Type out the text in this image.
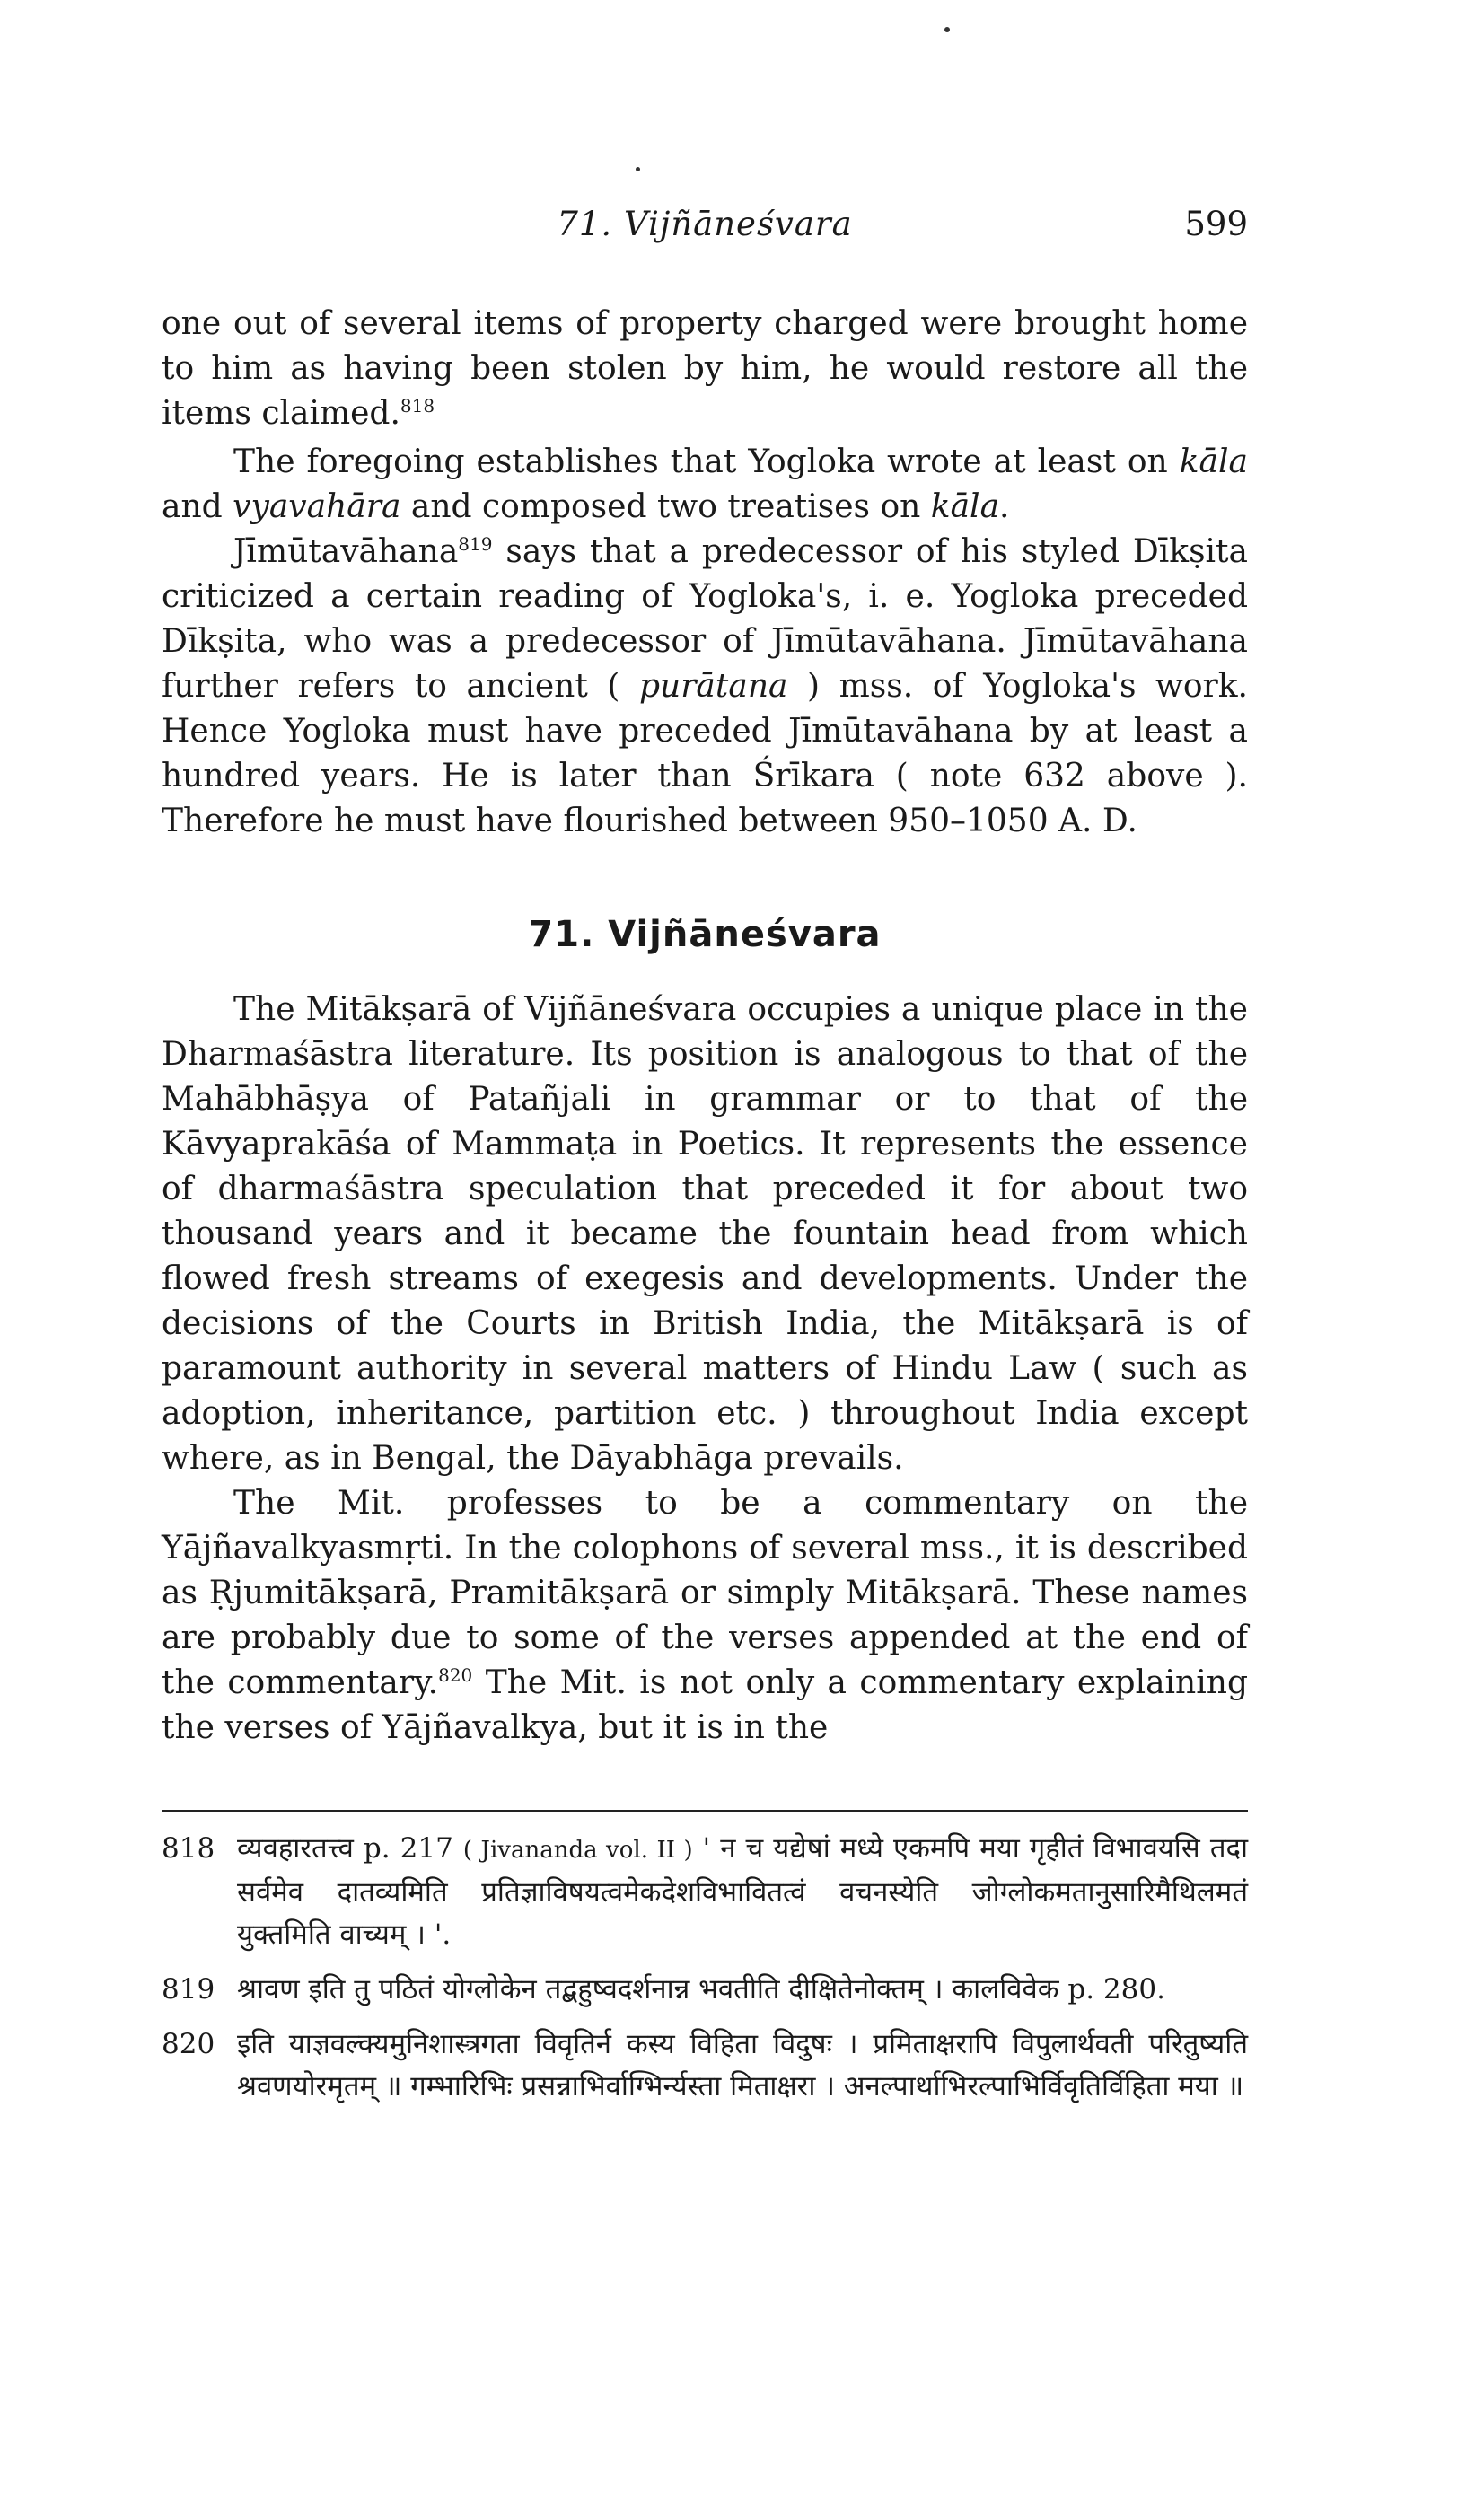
71. Vijñāneśvara	599

one out of several items of property charged were brought home to him as having been stolen by him, he would restore all the items claimed.$^{818}$

The foregoing establishes that Yogloka wrote at least on kāla and vyavahāra and composed two treatises on kāla.

Jīmūtavāhana$^{819}$ says that a predecessor of his styled Dīkṣita criticized a certain reading of Yogloka's, i. e. Yogloka preceded Dīkṣita, who was a predecessor of Jīmūtavāhana. Jīmūtavāhana further refers to ancient ( purātana ) mss. of Yogloka's work. Hence Yogloka must have preceded Jīmūtavāhana by at least a hundred years. He is later than Śrīkara ( note 632 above ). Therefore he must have flourished between 950–1050 A. D.

71. Vijñāneśvara

The Mitākṣarā of Vijñāneśvara occupies a unique place in the Dharmaśāstra literature. Its position is analogous to that of the Mahābhāṣya of Patañjali in grammar or to that of the Kāvyaprakāśa of Mammaṭa in Poetics. It represents the essence of dharmaśāstra speculation that preceded it for about two thousand years and it became the fountain head from which flowed fresh streams of exegesis and developments. Under the decisions of the Courts in British India, the Mitākṣarā is of paramount authority in several matters of Hindu Law ( such as adoption, inheritance, partition etc. ) throughout India except where, as in Bengal, the Dāyabhāga prevails.

The Mit. professes to be a commentary on the Yājñavalkyasmṛti. In the colophons of several mss., it is described as Ṛjumitākṣarā, Pramitākṣarā or simply Mitākṣarā. These names are probably due to some of the verses appended at the end of the commentary.$^{820}$ The Mit. is not only a commentary explaining the verses of Yājñavalkya, but it is in the

818 व्यवहारतत्त्व p. 217 ( Jivananda vol. II ) ' न च यद्येषां मध्ये एकमपि मया गृहीतं विभावयसि तदा सर्वमेव दातव्यमिति प्रतिज्ञाविषयत्वमेकदेशविभावितत्वं वचनस्येति जोग्लोकमतानुसारिमैथिलमतं युक्तमिति वाच्यम् । '.
819 श्रावण इति तु पठितं योग्लोकेन तद्बहुष्वदर्शनान्न भवतीति दीक्षितेनोक्तम् । कालविवेक p. 280.
820 इति याज्ञवल्क्यमुनिशास्त्रगता विवृतिर्न कस्य विहिता विदुषः । प्रमिताक्षरापि विपुलार्थवती परितुष्यति श्रवणयोरमृतम् ॥ गम्भारिभिः प्रसन्नाभिर्वाग्भिर्न्यस्ता मिताक्षरा । अनल्पार्थाभिरल्पाभिर्विवृतिर्विहिता मया ॥
